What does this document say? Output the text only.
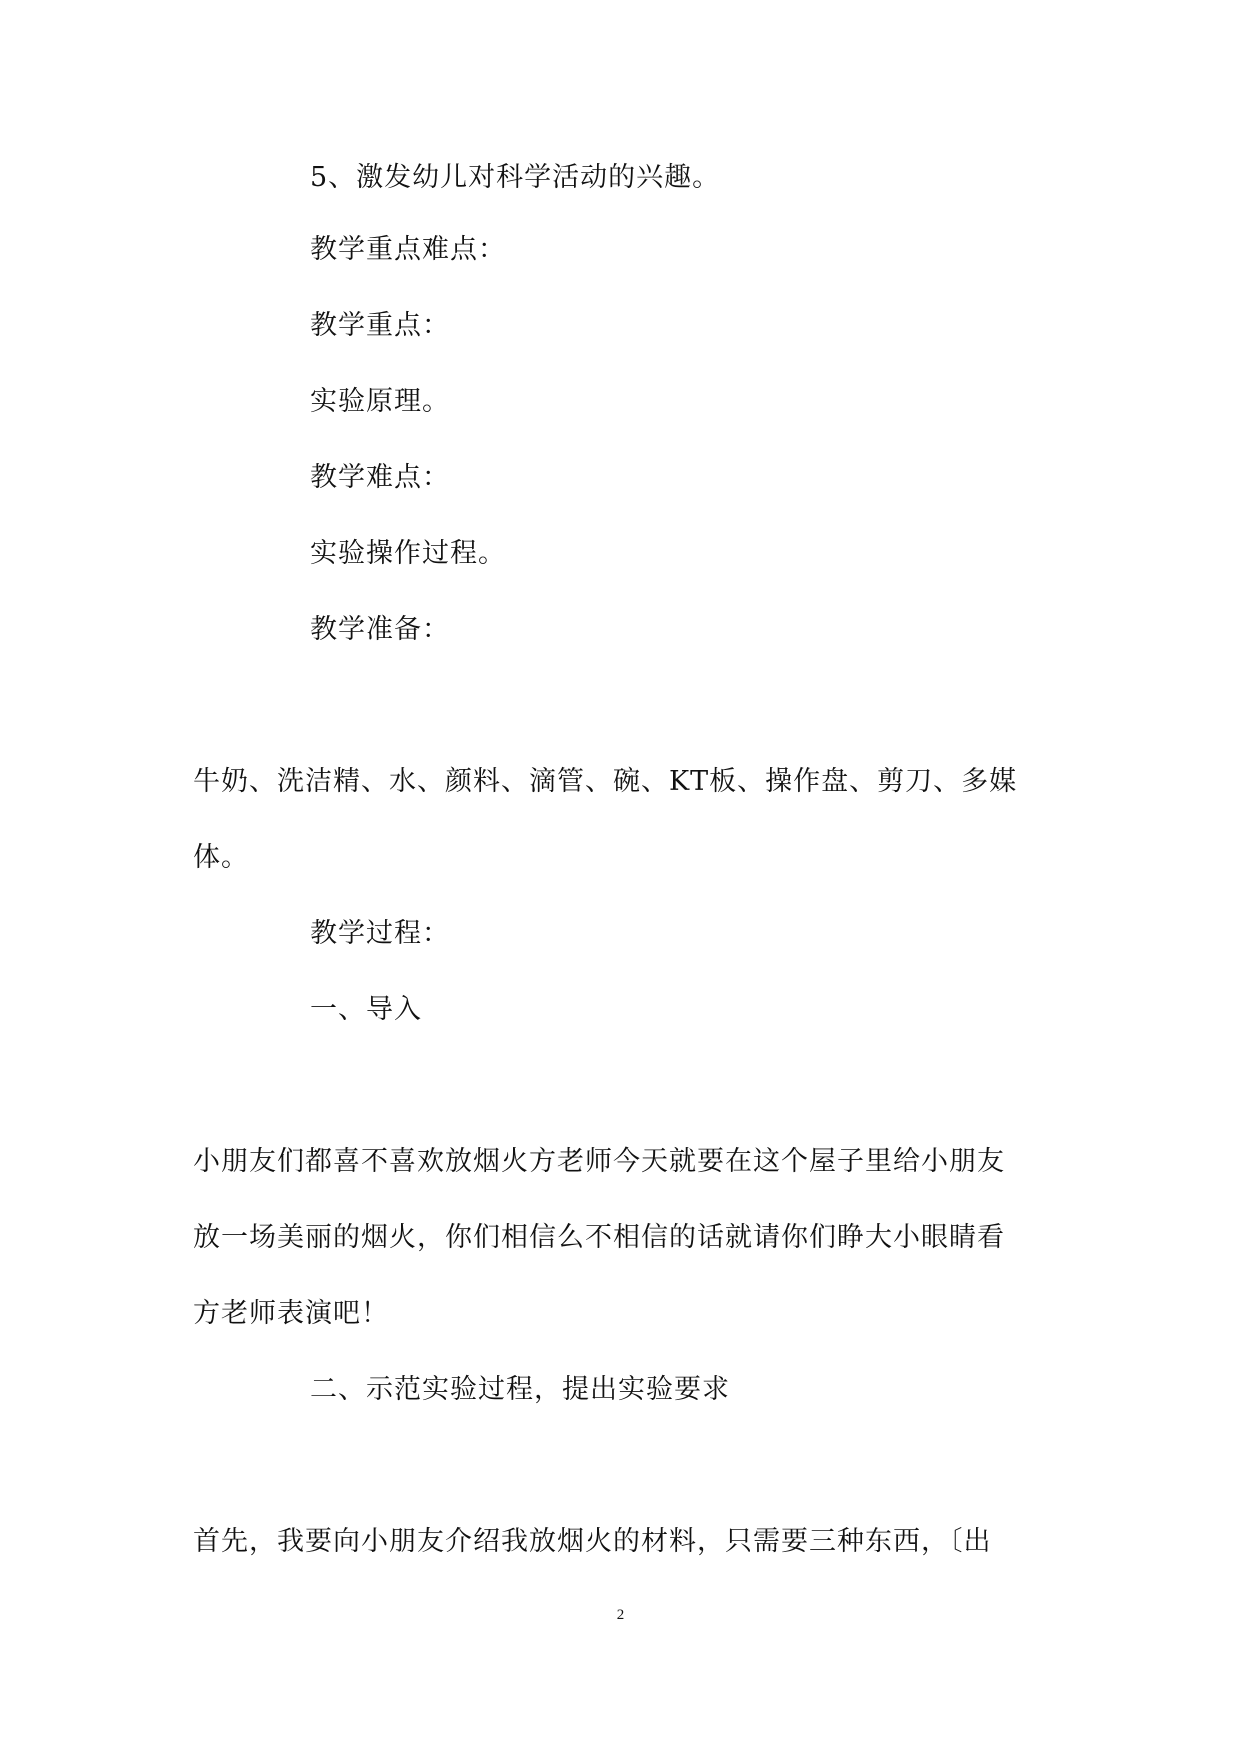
5、激发幼儿对科学活动的兴趣。
教学重点难点：
教学重点：
实验原理。
教学难点：
实验操作过程。
教学准备：
牛奶、洗洁精、水、颜料、滴管、碗、KT板、操作盘、剪刀、多媒
体。
教学过程：
一、导入
小朋友们都喜不喜欢放烟火方老师今天就要在这个屋子里给小朋友
放一场美丽的烟火，你们相信么不相信的话就请你们睁大小眼睛看
方老师表演吧！
二、示范实验过程，提出实验要求
首先，我要向小朋友介绍我放烟火的材料，只需要三种东西，〔出
2
